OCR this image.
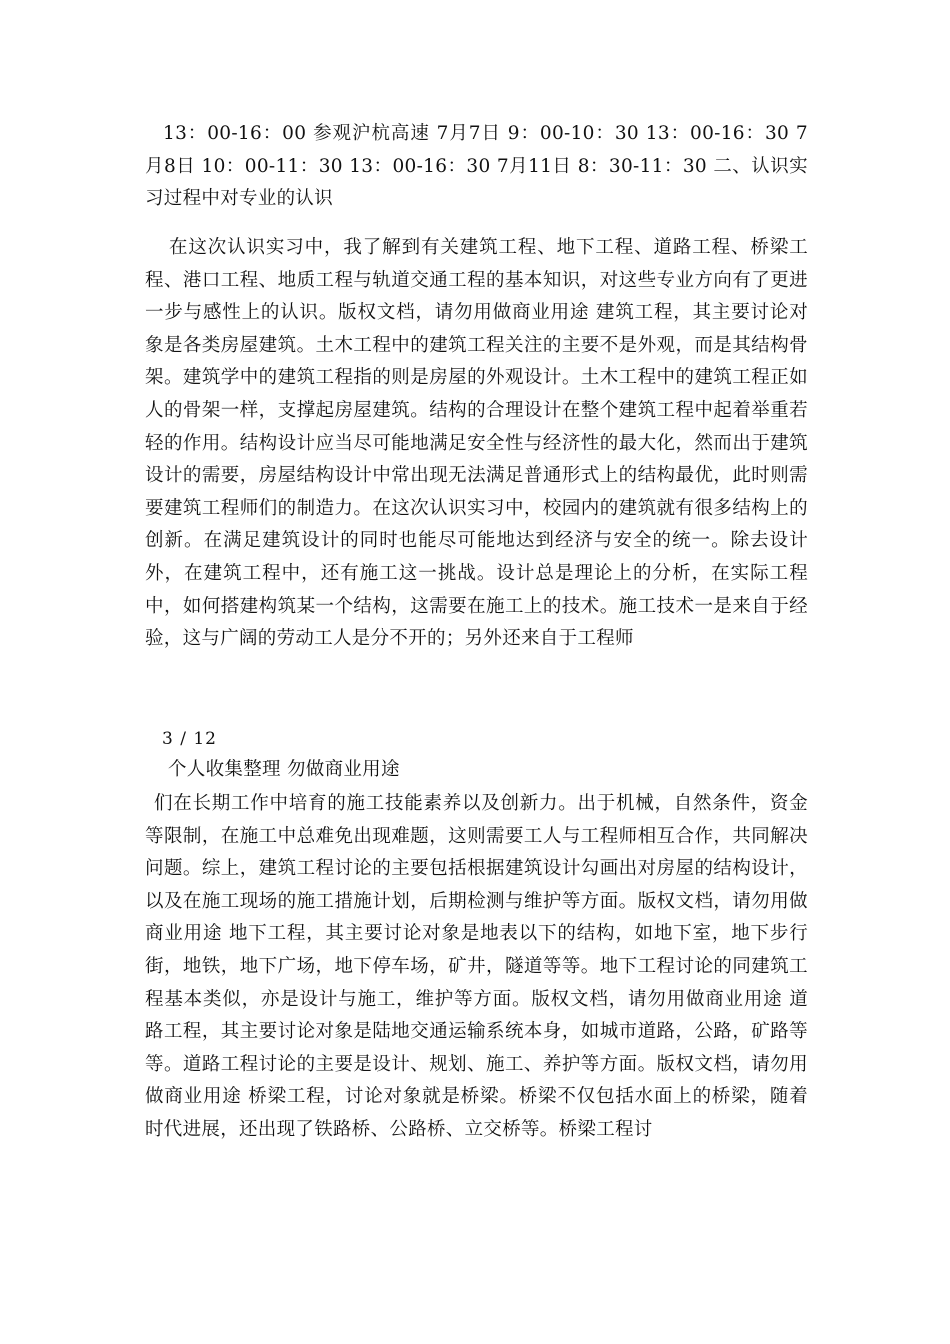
13：00-16：00 参观沪杭高速 7月7日 9：00-10：30 13：00-16：30 7月8日 10：00-11：30 13：00-16：30 7月11日 8：30-11：30 二、认识实习过程中对专业的认识
在这次认识实习中，我了解到有关建筑工程、地下工程、道路工程、桥梁工程、港口工程、地质工程与轨道交通工程的基本知识，对这些专业方向有了更进一步与感性上的认识。版权文档，请勿用做商业用途 建筑工程，其主要讨论对象是各类房屋建筑。土木工程中的建筑工程关注的主要不是外观，而是其结构骨架。建筑学中的建筑工程指的则是房屋的外观设计。土木工程中的建筑工程正如人的骨架一样，支撑起房屋建筑。结构的合理设计在整个建筑工程中起着举重若轻的作用。结构设计应当尽可能地满足安全性与经济性的最大化，然而出于建筑设计的需要，房屋结构设计中常出现无法满足普通形式上的结构最优，此时则需要建筑工程师们的制造力。在这次认识实习中，校园内的建筑就有很多结构上的创新。在满足建筑设计的同时也能尽可能地达到经济与安全的统一。除去设计外，在建筑工程中，还有施工这一挑战。设计总是理论上的分析，在实际工程中，如何搭建构筑某一个结构，这需要在施工上的技术。施工技术一是来自于经验，这与广阔的劳动工人是分不开的；另外还来自于工程师
3 / 12
个人收集整理 勿做商业用途
们在长期工作中培育的施工技能素养以及创新力。出于机械，自然条件，资金等限制，在施工中总难免出现难题，这则需要工人与工程师相互合作，共同解决问题。综上，建筑工程讨论的主要包括根据建筑设计勾画出对房屋的结构设计，以及在施工现场的施工措施计划，后期检测与维护等方面。版权文档，请勿用做商业用途 地下工程，其主要讨论对象是地表以下的结构，如地下室，地下步行街，地铁，地下广场，地下停车场，矿井，隧道等等。地下工程讨论的同建筑工程基本类似，亦是设计与施工，维护等方面。版权文档，请勿用做商业用途 道路工程，其主要讨论对象是陆地交通运输系统本身，如城市道路，公路，矿路等等。道路工程讨论的主要是设计、规划、施工、养护等方面。版权文档，请勿用做商业用途 桥梁工程，讨论对象就是桥梁。桥梁不仅包括水面上的桥梁，随着时代进展，还出现了铁路桥、公路桥、立交桥等。桥梁工程讨
